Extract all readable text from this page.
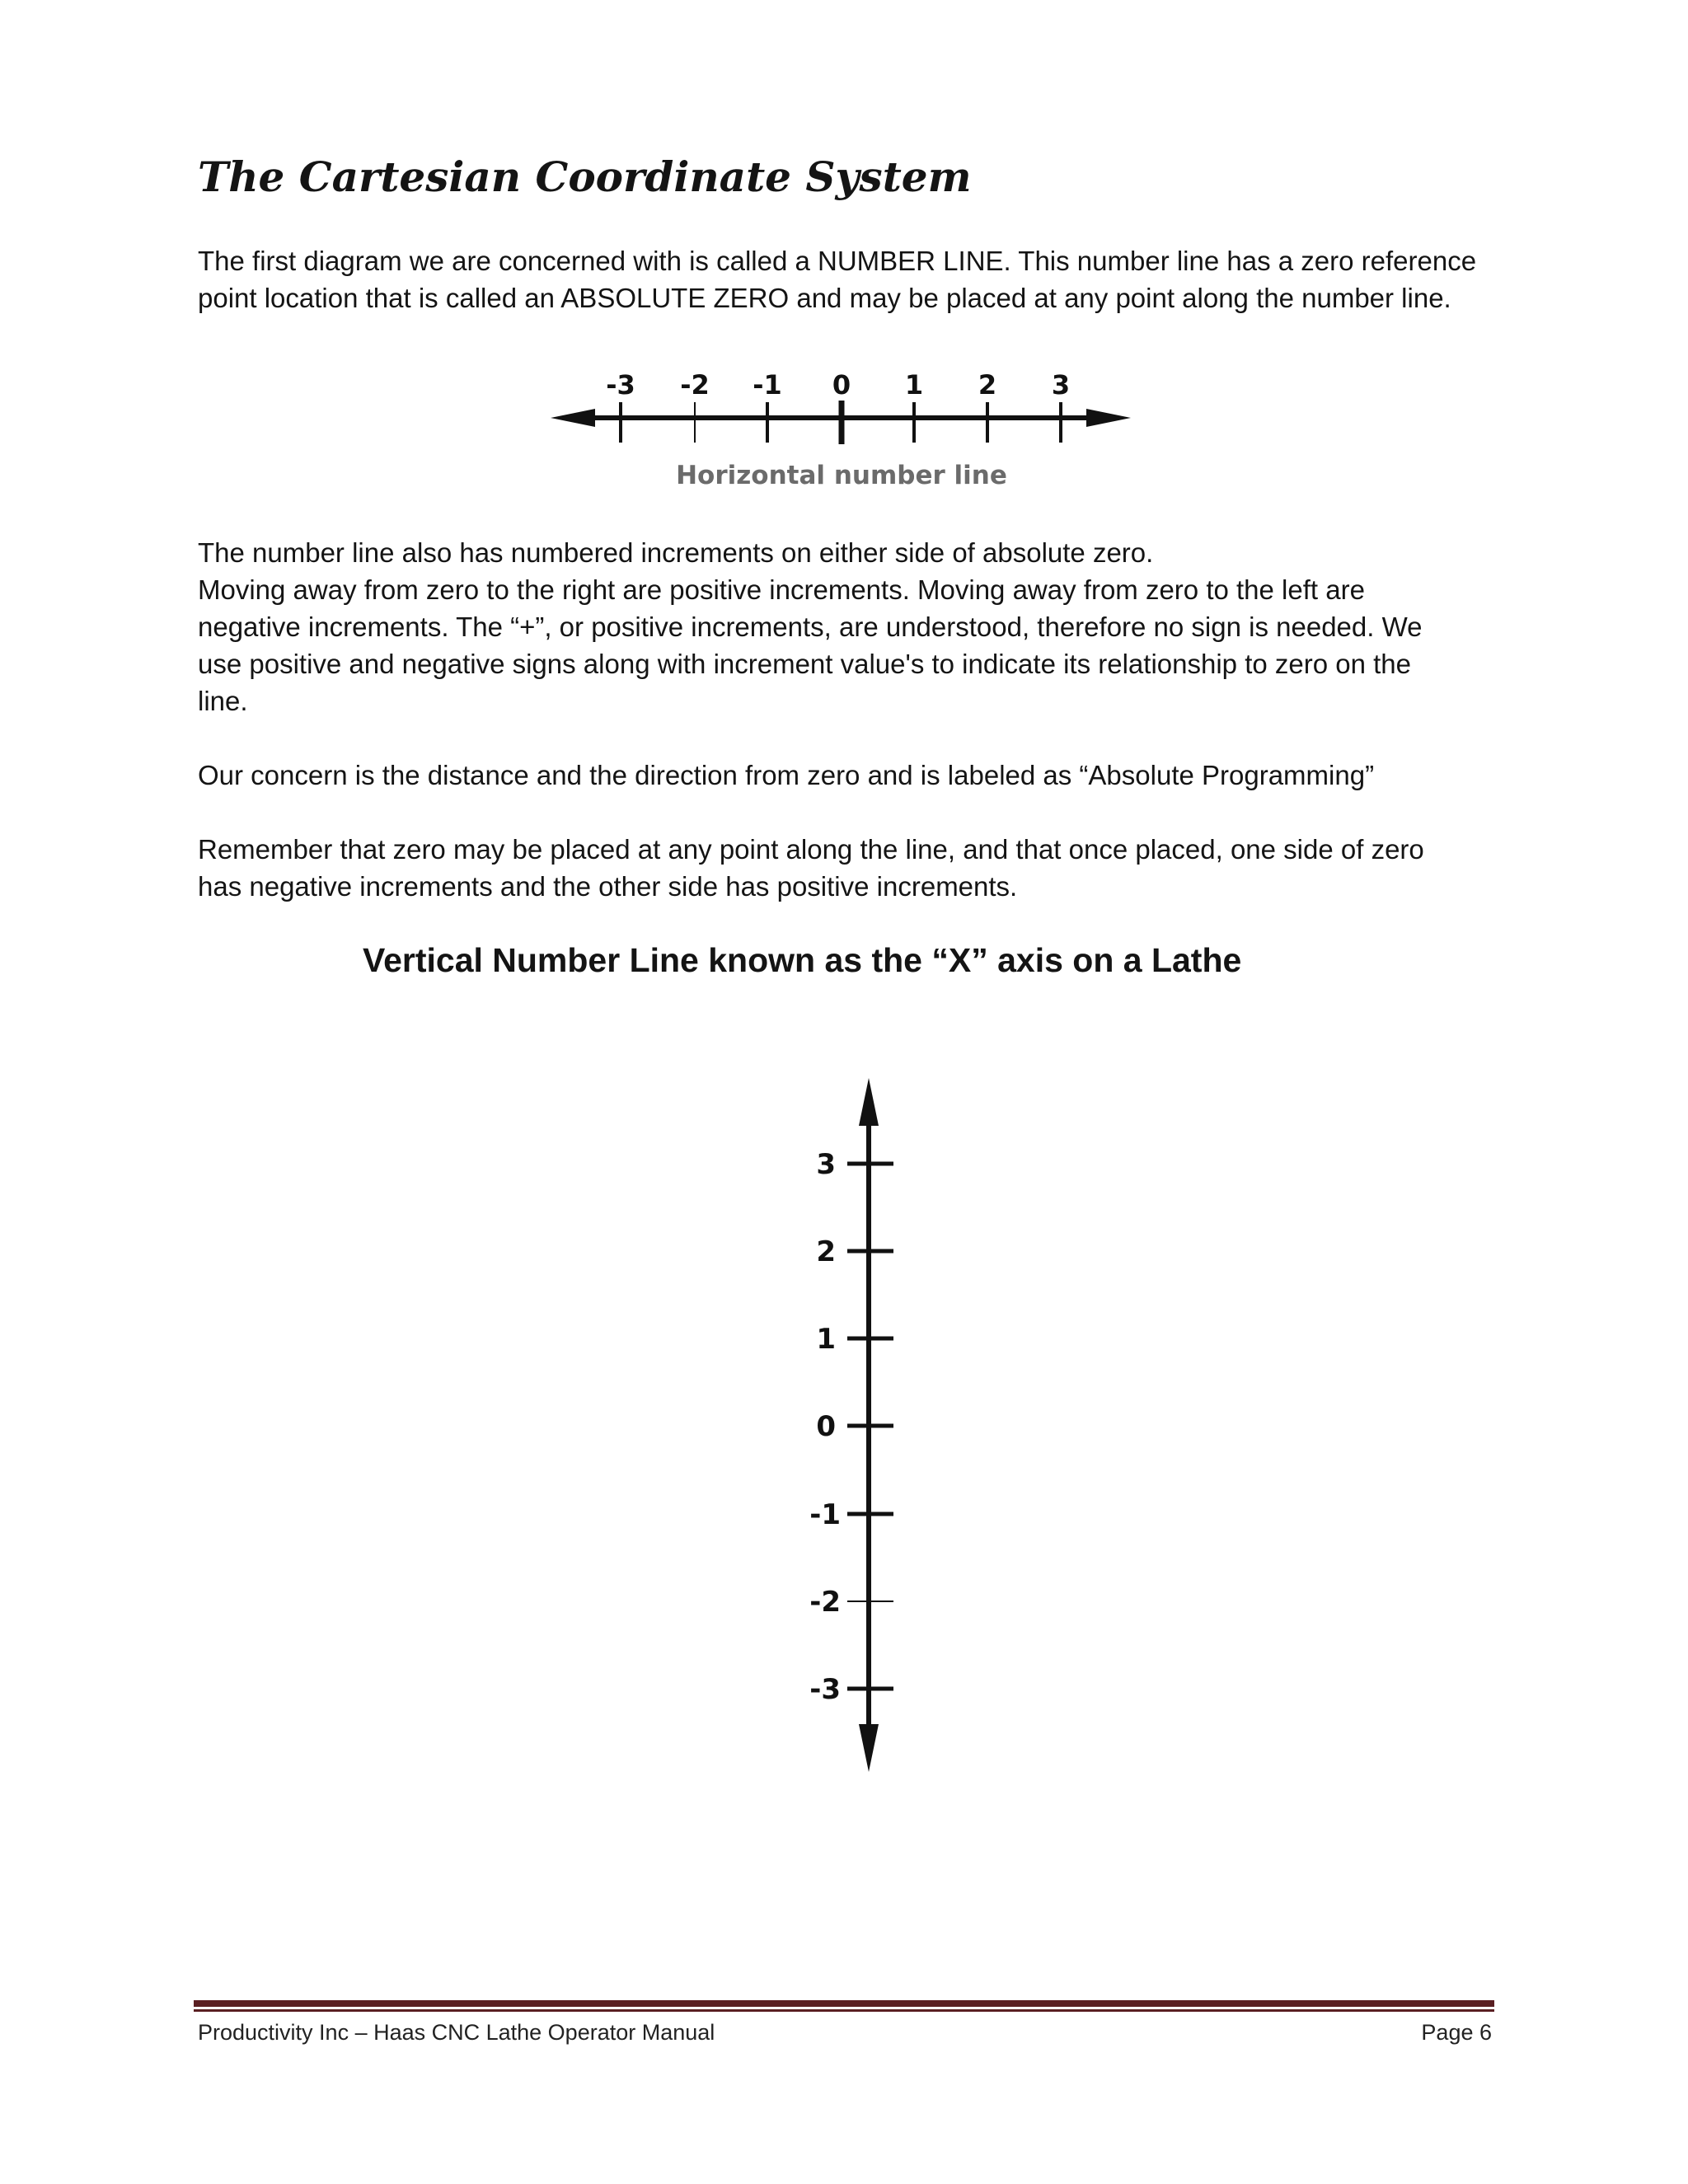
The Cartesian Coordinate System

The first diagram we are concerned with is called a NUMBER LINE. This number line has a zero reference
point location that is called an ABSOLUTE ZERO and may be placed at any point along the number line.

-3 -2 -1 0 1 2 3
Horizontal number line

The number line also has numbered increments on either side of absolute zero.
Moving away from zero to the right are positive increments. Moving away from zero to the left are
negative increments. The “+”, or positive increments, are understood, therefore no sign is needed. We
use positive and negative signs along with increment value's to indicate its relationship to zero on the
line.

Our concern is the distance and the direction from zero and is labeled as “Absolute Programming”

Remember that zero may be placed at any point along the line, and that once placed, one side of zero
has negative increments and the other side has positive increments.

Vertical Number Line known as the “X” axis on a Lathe
3
2
1
0
-1
-2
-3
Productivity Inc – Haas CNC Lathe Operator Manual	Page 6
